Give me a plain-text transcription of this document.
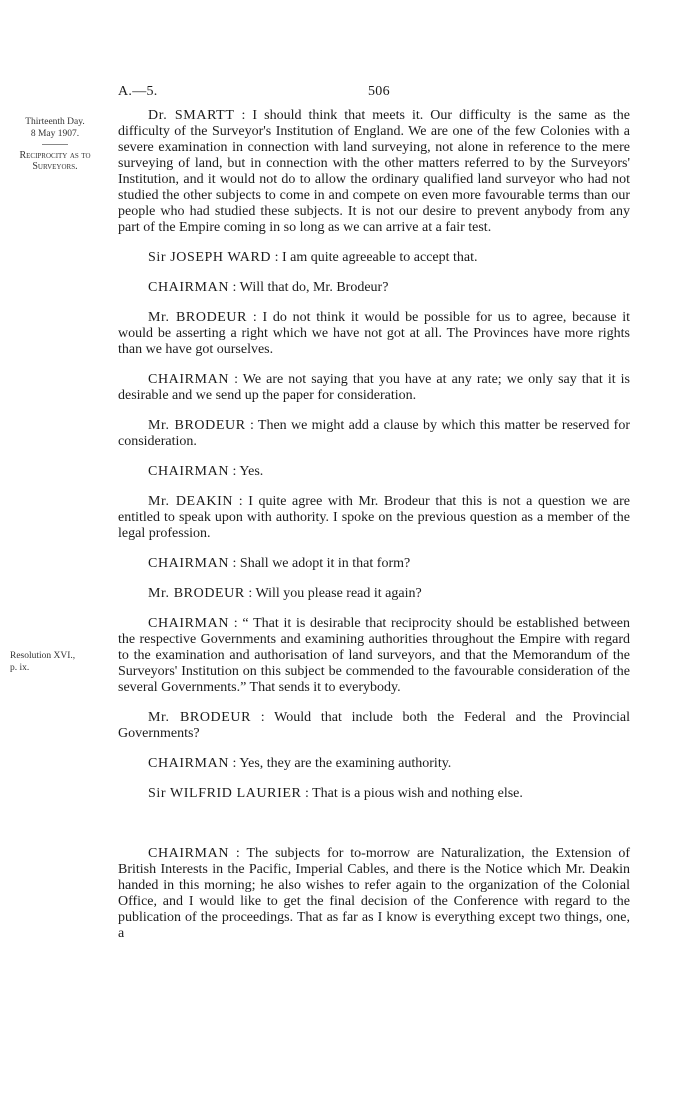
A.—5.	506
Thirteenth Day.
8 May 1907.
Reciprocity as to Surveyors.
Resolution XVI.,
p. ix.

Dr. SMARTT : I should think that meets it. Our difficulty is the same as the difficulty of the Surveyor's Institution of England. We are one of the few Colonies with a severe examination in connection with land surveying, not alone in reference to the mere surveying of land, but in connection with the other matters referred to by the Surveyors' Institution, and it would not do to allow the ordinary qualified land surveyor who had not studied the other subjects to come in and compete on even more favourable terms than our people who had studied these subjects. It is not our desire to prevent anybody from any part of the Empire coming in so long as we can arrive at a fair test.

Sir JOSEPH WARD : I am quite agreeable to accept that.

CHAIRMAN : Will that do, Mr. Brodeur?

Mr. BRODEUR : I do not think it would be possible for us to agree, because it would be asserting a right which we have not got at all. The Provinces have more rights than we have got ourselves.

CHAIRMAN : We are not saying that you have at any rate; we only say that it is desirable and we send up the paper for consideration.

Mr. BRODEUR : Then we might add a clause by which this matter be reserved for consideration.

CHAIRMAN : Yes.

Mr. DEAKIN : I quite agree with Mr. Brodeur that this is not a question we are entitled to speak upon with authority. I spoke on the previous question as a member of the legal profession.

CHAIRMAN : Shall we adopt it in that form?

Mr. BRODEUR : Will you please read it again?

CHAIRMAN : “ That it is desirable that reciprocity should be established between the respective Governments and examining authorities throughout the Empire with regard to the examination and authorisation of land surveyors, and that the Memorandum of the Surveyors' Institution on this subject be commended to the favourable consideration of the several Governments.” That sends it to everybody.

Mr. BRODEUR : Would that include both the Federal and the Provincial Governments?

CHAIRMAN : Yes, they are the examining authority.

Sir WILFRID LAURIER : That is a pious wish and nothing else.

CHAIRMAN : The subjects for to-morrow are Naturalization, the Extension of British Interests in the Pacific, Imperial Cables, and there is the Notice which Mr. Deakin handed in this morning; he also wishes to refer again to the organization of the Colonial Office, and I would like to get the final decision of the Conference with regard to the publication of the proceedings. That as far as I know is everything except two things, one, a
